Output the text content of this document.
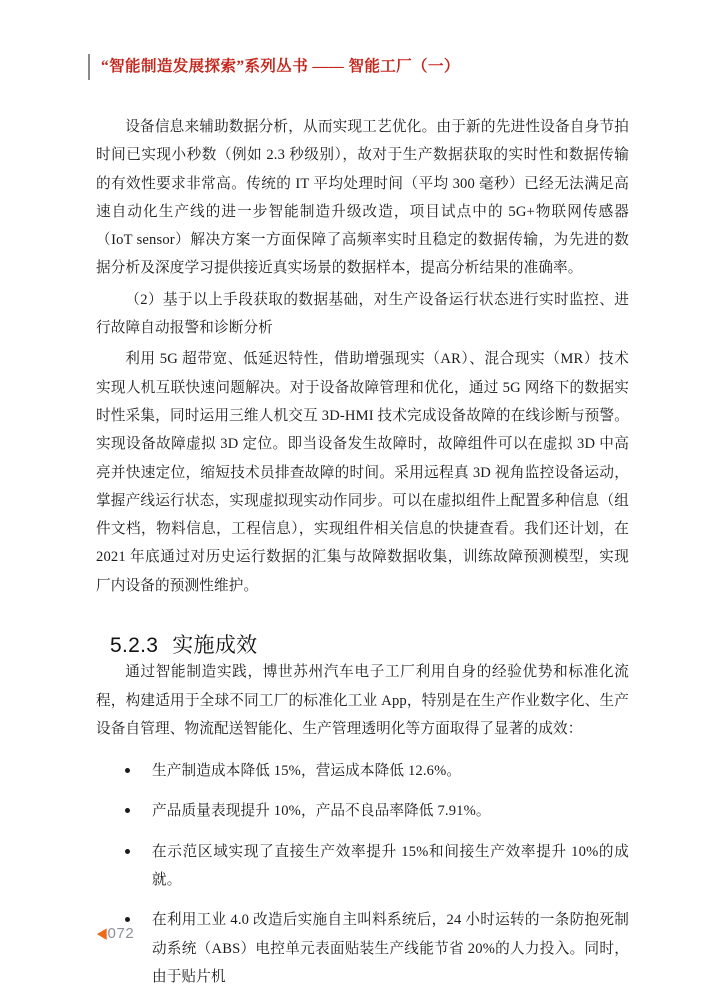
“智能制造发展探索”系列丛书 —— 智能工厂（一）

设备信息来辅助数据分析，从而实现工艺优化。由于新的先进性设备自身节拍时间已实现小秒数（例如 2.3 秒级别），故对于生产数据获取的实时性和数据传输的有效性要求非常高。传统的 IT 平均处理时间（平均 300 毫秒）已经无法满足高速自动化生产线的进一步智能制造升级改造，项目试点中的 5G+物联网传感器（IoT sensor）解决方案一方面保障了高频率实时且稳定的数据传输，为先进的数据分析及深度学习提供接近真实场景的数据样本，提高分析结果的准确率。

（2）基于以上手段获取的数据基础，对生产设备运行状态进行实时监控、进行故障自动报警和诊断分析

利用 5G 超带宽、低延迟特性，借助增强现实（AR）、混合现实（MR）技术实现人机互联快速问题解决。对于设备故障管理和优化，通过 5G 网络下的数据实时性采集，同时运用三维人机交互 3D-HMI 技术完成设备故障的在线诊断与预警。实现设备故障虚拟 3D 定位。即当设备发生故障时，故障组件可以在虚拟 3D 中高亮并快速定位，缩短技术员排查故障的时间。采用远程真 3D 视角监控设备运动，掌握产线运行状态，实现虚拟现实动作同步。可以在虚拟组件上配置多种信息（组件文档，物料信息，工程信息），实现组件相关信息的快捷查看。我们还计划，在 2021 年底通过对历史运行数据的汇集与故障数据收集，训练故障预测模型，实现厂内设备的预测性维护。

5.2.3 实施成效

通过智能制造实践，博世苏州汽车电子工厂利用自身的经验优势和标准化流程，构建适用于全球不同工厂的标准化工业 App，特别是在生产作业数字化、生产设备自管理、物流配送智能化、生产管理透明化等方面取得了显著的成效：

生产制造成本降低 15%，营运成本降低 12.6%。
产品质量表现提升 10%，产品不良品率降低 7.91%。
在示范区域实现了直接生产效率提升 15%和间接生产效率提升 10%的成就。
在利用工业 4.0 改造后实施自主叫料系统后，24 小时运转的一条防抱死制动系统（ABS）电控单元表面贴装生产线能节省 20%的人力投入。同时，由于贴片机
◀ 072
